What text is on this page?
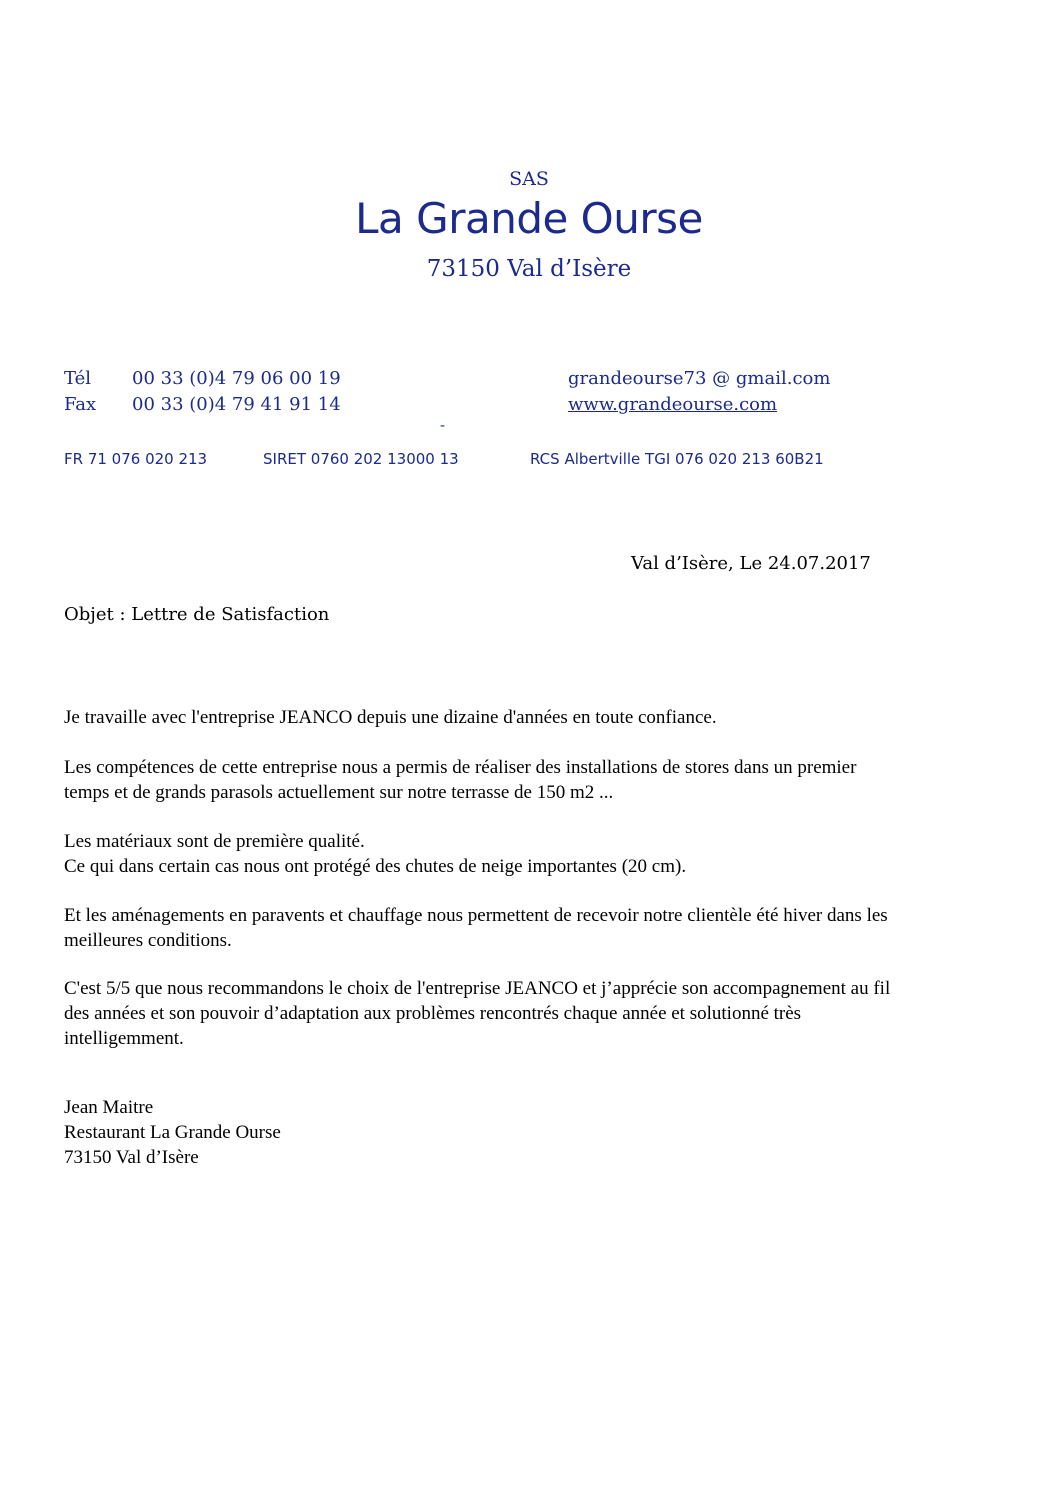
SAS
La Grande Ourse
73150 Val d’Isère
Tél 00 33 (0)4 79 06 00 19	grandeourse73 @ gmail.com
Fax 00 33 (0)4 79 41 91 14	www.grandeourse.com
-
FR 71 076 020 213	SIRET 0760 202 13000 13	RCS Albertville TGI 076 020 213 60B21
Val d’Isère, Le 24.07.2017
Objet : Lettre de Satisfaction
Je travaille avec l'entreprise JEANCO depuis une dizaine d'années en toute confiance.
Les compétences de cette entreprise nous a permis de réaliser des installations de stores dans un premier
temps et de grands parasols actuellement sur notre terrasse de 150 m2 ...
Les matériaux sont de première qualité.
Ce qui dans certain cas nous ont protégé des chutes de neige importantes (20 cm).
Et les aménagements en paravents et chauffage nous permettent de recevoir notre clientèle été hiver dans les
meilleures conditions.
C'est 5/5 que nous recommandons le choix de l'entreprise JEANCO et j’apprécie son accompagnement au fil
des années et son pouvoir d’adaptation aux problèmes rencontrés chaque année et solutionné très
intelligemment.
Jean Maitre
Restaurant La Grande Ourse
73150 Val d’Isère
